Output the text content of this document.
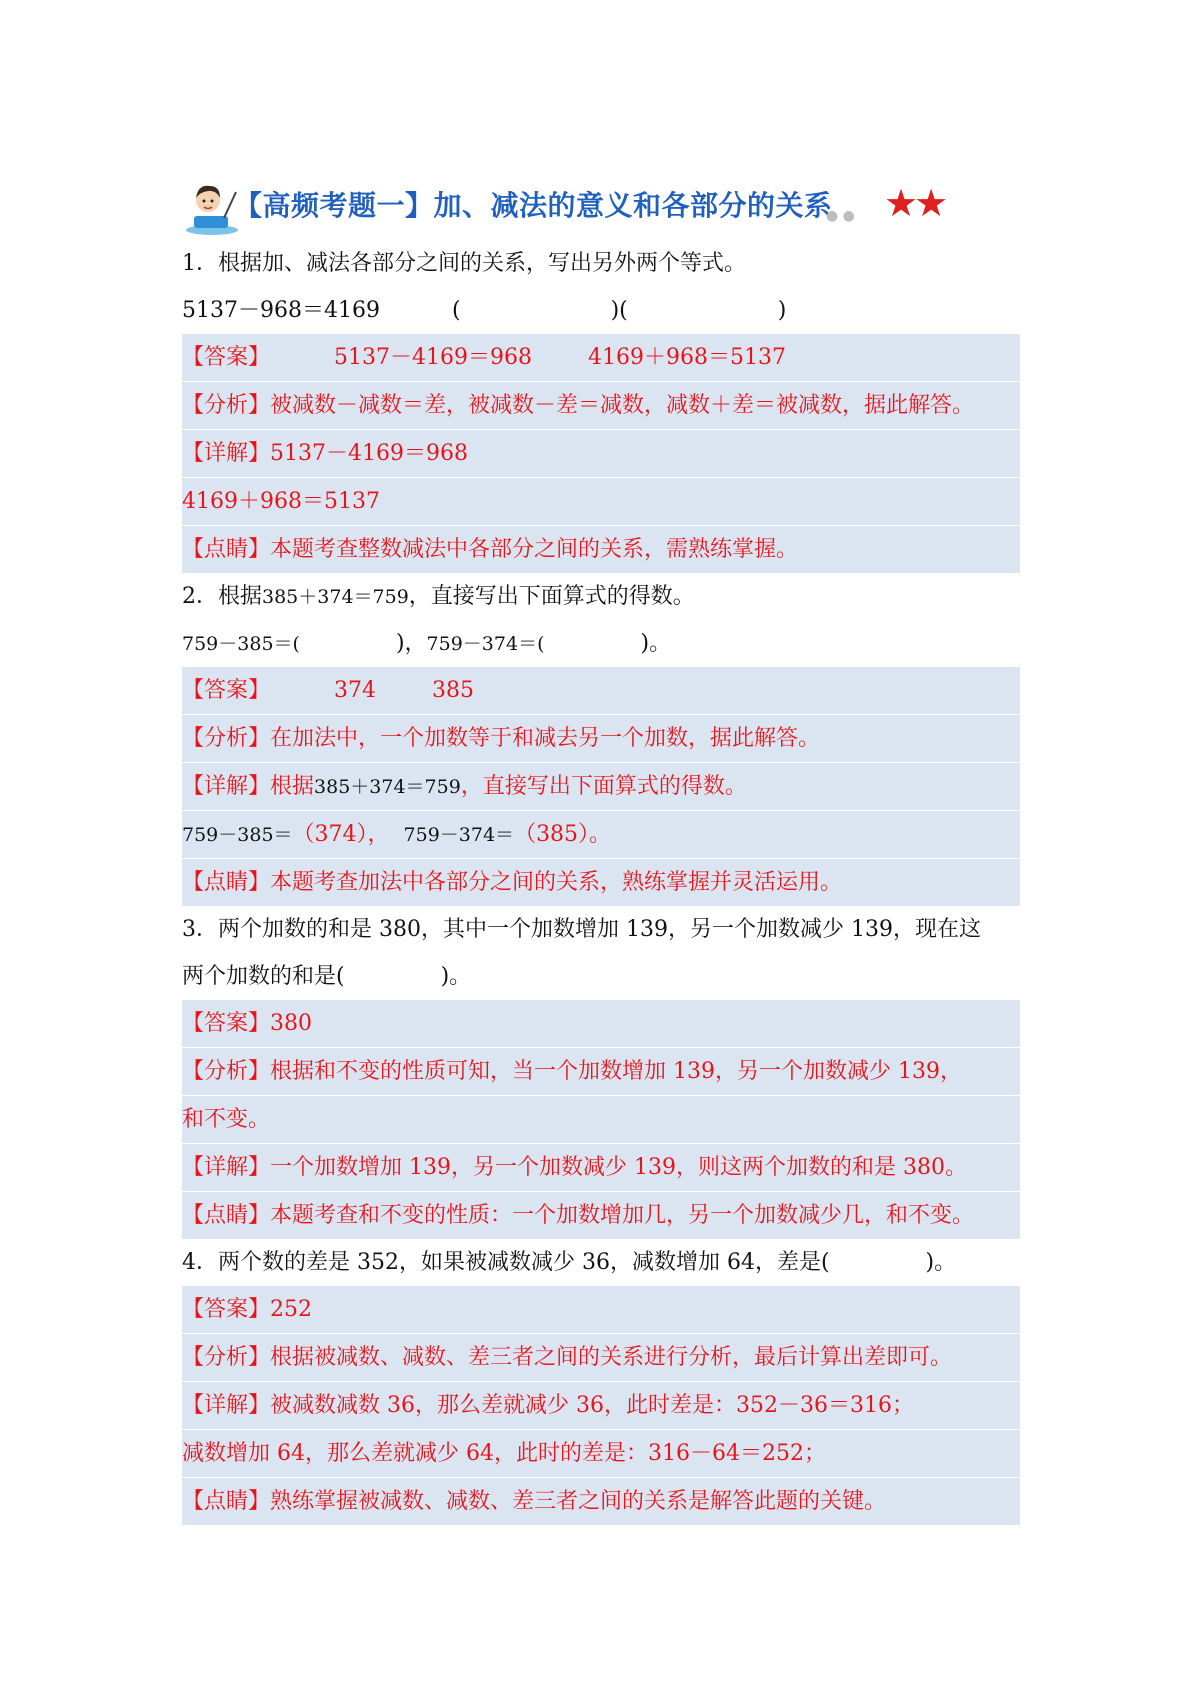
【高频考题一】加、减法的意义和各部分的关系
● ● ★★
1．根据加、减法各部分之间的关系，写出另外两个等式。
5137－968＝4169	(	)(	)
【答案】	5137－4169＝968	4169＋968＝5137
【分析】被减数－减数＝差，被减数－差＝减数，减数＋差＝被减数，据此解答。
【详解】5137－4169＝968
4169＋968＝5137
【点睛】本题考查整数减法中各部分之间的关系，需熟练掌握。
2．根据385＋374＝759，直接写出下面算式的得数。
759－385＝(	)，759－374＝(	)。
【答案】	374	385
【分析】在加法中，一个加数等于和减去另一个加数，据此解答。
【详解】根据385＋374＝759，直接写出下面算式的得数。
759－385＝（374）， 759－374＝（385）。
【点睛】本题考查加法中各部分之间的关系，熟练掌握并灵活运用。
3．两个加数的和是 380，其中一个加数增加 139，另一个加数减少 139，现在这
两个加数的和是(	)。
【答案】380
【分析】根据和不变的性质可知，当一个加数增加 139，另一个加数减少 139，
和不变。
【详解】一个加数增加 139，另一个加数减少 139，则这两个加数的和是 380。
【点睛】本题考查和不变的性质：一个加数增加几，另一个加数减少几，和不变。
4．两个数的差是 352，如果被减数减少 36，减数增加 64，差是(	)。
【答案】252
【分析】根据被减数、减数、差三者之间的关系进行分析，最后计算出差即可。
【详解】被减数减数 36，那么差就减少 36，此时差是：352－36＝316；
减数增加 64，那么差就减少 64，此时的差是：316－64＝252；
【点睛】熟练掌握被减数、减数、差三者之间的关系是解答此题的关键。
